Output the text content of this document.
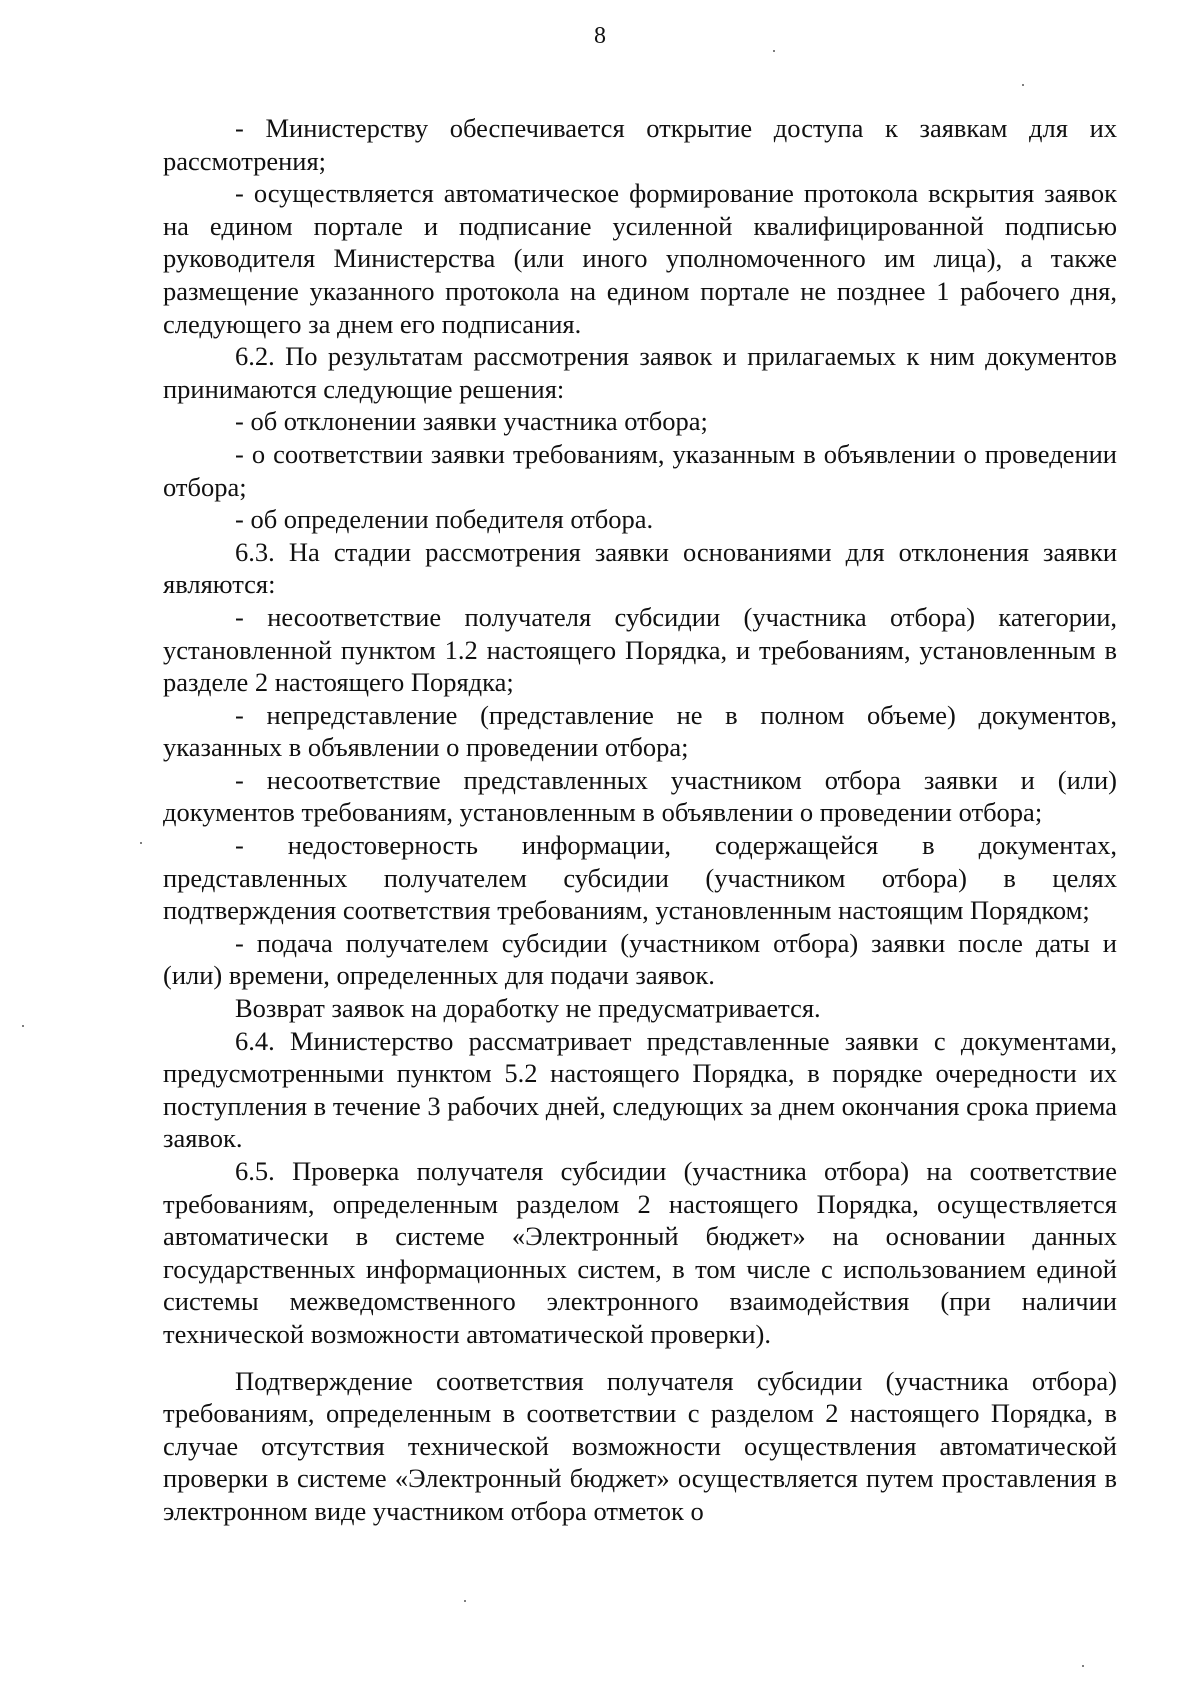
8

- Министерству обеспечивается открытие доступа к заявкам для их рассмотрения;

- осуществляется автоматическое формирование протокола вскрытия заявок на едином портале и подписание усиленной квалифицированной подписью руководителя Министерства (или иного уполномоченного им лица), а также размещение указанного протокола на едином портале не позднее 1 рабочего дня, следующего за днем его подписания.

6.2. По результатам рассмотрения заявок и прилагаемых к ним документов принимаются следующие решения:

- об отклонении заявки участника отбора;

- о соответствии заявки требованиям, указанным в объявлении о проведении отбора;

- об определении победителя отбора.

6.3. На стадии рассмотрения заявки основаниями для отклонения заявки являются:

- несоответствие получателя субсидии (участника отбора) категории, установленной пунктом 1.2 настоящего Порядка, и требованиям, установленным в разделе 2 настоящего Порядка;

- непредставление (представление не в полном объеме) документов, указанных в объявлении о проведении отбора;

- несоответствие представленных участником отбора заявки и (или) документов требованиям, установленным в объявлении о проведении отбора;

- недостоверность информации, содержащейся в документах, представленных получателем субсидии (участником отбора) в целях подтверждения соответствия требованиям, установленным настоящим Порядком;

- подача получателем субсидии (участником отбора) заявки после даты и (или) времени, определенных для подачи заявок.

Возврат заявок на доработку не предусматривается.

6.4. Министерство рассматривает представленные заявки с документами, предусмотренными пунктом 5.2 настоящего Порядка, в порядке очередности их поступления в течение 3 рабочих дней, следующих за днем окончания срока приема заявок.

6.5. Проверка получателя субсидии (участника отбора) на соответствие требованиям, определенным разделом 2 настоящего Порядка, осуществляется автоматически в системе «Электронный бюджет» на основании данных государственных информационных систем, в том числе с использованием единой системы межведомственного электронного взаимодействия (при наличии технической возможности автоматической проверки).

Подтверждение соответствия получателя субсидии (участника отбора) требованиям, определенным в соответствии с разделом 2 настоящего Порядка, в случае отсутствия технической возможности осуществления автоматической проверки в системе «Электронный бюджет» осуществляется путем проставления в электронном виде участником отбора отметок о
